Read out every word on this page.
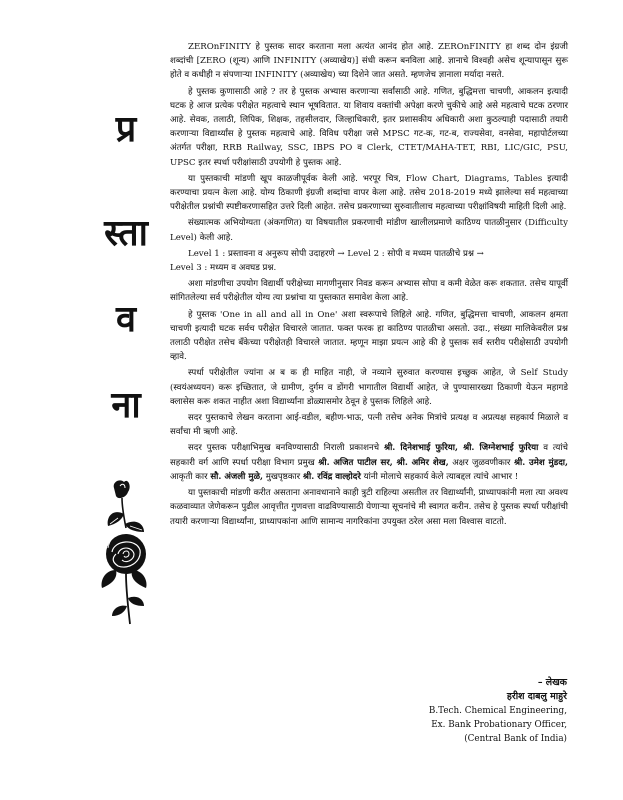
प्र
स्ता
व
ना

ZEROnFINITY हे पुस्तक सादर करताना मला अत्यंत आनंद होत आहे. ZEROnFINITY हा शब्द दोन इंग्रजी शब्दांची [ZERO (शून्य) आणि INFINITY (अव्याखेय)] संधी करून बनविला आहे. ज्ञानाचे विश्वही असेच शून्यापासून सुरू होते व कधीही न संपणाऱ्या INFINITY (अव्याखेय) च्या दिशेने जात असते. म्हणजेच ज्ञानाला मर्यादा नसते.

हे पुस्तक कुणासाठी आहे ? तर हे पुस्तक अभ्यास करणाऱ्या सर्वांसाठी आहे. गणित, बुद्धिमत्ता चाचणी, आकलन इत्यादी घटक हे आज प्रत्येक परीक्षेत महत्वाचे स्थान भूषवितात. या शिवाय वक्तांची अपेक्षा करणे चुकीचे आहे असे महत्वाचे घटक ठरणार आहे. सेवक, तलाठी, लिपिक, शिक्षक, तहसीलदार, जिल्हाधिकारी, इतर प्रशासकीय अधिकारी अशा कुठल्याही पदासाठी तयारी करणाऱ्या विद्यार्थ्यांस हे पुस्तक महत्वाचे आहे. विविध परीक्षा जसे MPSC गट-क, गट-ब, राज्यसेवा, वनसेवा, महापोर्टलच्या अंतर्गत परीक्षा, RRB Railway, SSC, IBPS PO व Clerk, CTET/MAHA-TET, RBI, LIC/GIC, PSU, UPSC इतर स्पर्धा परीक्षांसाठी उपयोगी हे पुस्तक आहे.

या पुस्तकाची मांडणी खूप काळजीपूर्वक केली आहे. भरपूर चित्र, Flow Chart, Diagrams, Tables इत्यादी करण्याचा प्रयत्न केला आहे. योग्य ठिकाणी इंग्रजी शब्दांचा वापर केला आहे. तसेच 2018-2019 मध्ये झालेल्या सर्व महत्वाच्या परीक्षेतील प्रश्नांची स्पष्टीकरणासहित उत्तरे दिली आहेत. तसेच प्रकरणाच्या सुरुवातीलाच महत्वाच्या परीक्षांविषयी माहिती दिली आहे.

संख्यात्मक अभियोग्यता (अंकगणित) या विषयातील प्रकरणाची मांडीण खालीलप्रमाणे काठिण्य पातळीनुसार (Difficulty Level) केली आहे.

Level 1 : प्रस्तावना व अनुरूप सोपी उदाहरणे → Level 2 : सोपी व मध्यम पातळीचे प्रश्न →
Level 3 : मध्यम व अवघड प्रश्न.

अशा मांडणीचा उपयोग विद्यार्थी परीक्षेच्या मागणीनुसार निवड करून अभ्यास सोपा व कमी वेळेत करू शकतात. तसेच यापूर्वी सांगितलेल्या सर्व परीक्षेतील योग्य त्या प्रश्नांचा या पुस्तकात समावेश केला आहे.

हे पुस्तक 'One in all and all in One' अशा स्वरूपाचे लिहिले आहे. गणित, बुद्धिमत्ता चाचणी, आकलन क्षमता चाचणी इत्यादी घटक सर्वच परीक्षेत विचारले जातात. फक्त फरक हा काठिण्य पातळीचा असतो. उदा., संख्या मालिकेवरील प्रश्न तलाठी परीक्षेत तसेच बँकेच्या परीक्षेतही विचारले जातात. म्हणून माझा प्रयत्न आहे की हे पुस्तक सर्व स्तरीय परीक्षेसाठी उपयोगी व्हावे.

स्पर्धा परीक्षेतील ज्यांना अ ब क ही माहित नाही, जे नव्याने सुरुवात करण्यास इच्छुक आहेत, जे Self Study (स्वयंअध्ययन) करू इच्छितात, जे ग्रामीण, दुर्गम व डोंगरी भागातील विद्यार्थी आहेत, जे पुण्यासारख्या ठिकाणी येऊन महागडे क्लासेस करू शकत नाहीत अशा विद्यार्थ्यांना डोळ्यासमोर ठेवून हे पुस्तक लिहिले आहे.

सदर पुस्तकाचे लेखन करताना आई-वडील, बहीण-भाऊ, पत्नी तसेच अनेक मित्रांचे प्रत्यक्ष व अप्रत्यक्ष सहकार्य मिळाले व सर्वांचा मी ऋणी आहे.

सदर पुस्तक परीक्षाभिमुख बनविण्यासाठी निराली प्रकाशनचे श्री. दिनेशभाई फुरिया, श्री. जिग्नेशभाई फुरिया व त्यांचे सहकारी वर्ग आणि स्पर्धा परीक्षा विभाग प्रमुख श्री. अजित पाटील सर, श्री. अमिर शेख, अक्षर जुळवणीकार श्री. उमेश मुंडदा, आकृती कार सौ. अंजली मुळे, मुखपृष्ठकार श्री. रविंद्र वाल्होदरे यांनी मोलाचे सहकार्य केले त्याबद्दल त्यांचे आभार !

या पुस्तकाची मांडणी करीत असताना अनावधानाने काही त्रुटी राहिल्या असतील तर विद्यार्थ्यांनी, प्राध्यापकांनी मला त्या अवश्य कळवाव्यात जेणेकरून पुढील आवृत्तीत गुणवत्ता वाढविण्यासाठी येणाऱ्या सूचनांचे मी स्वागत करीन. तसेच हे पुस्तक स्पर्धा परीक्षांची तयारी करणाऱ्या विद्यार्थ्यांना, प्राध्यापकांना आणि सामान्य नागरिकांना उपयुक्त ठरेल असा मला विश्वास वाटतो.

– लेखक
हरीश दाबलु माहुरे
B.Tech. Chemical Engineering,
Ex. Bank Probationary Officer,
(Central Bank of India)
